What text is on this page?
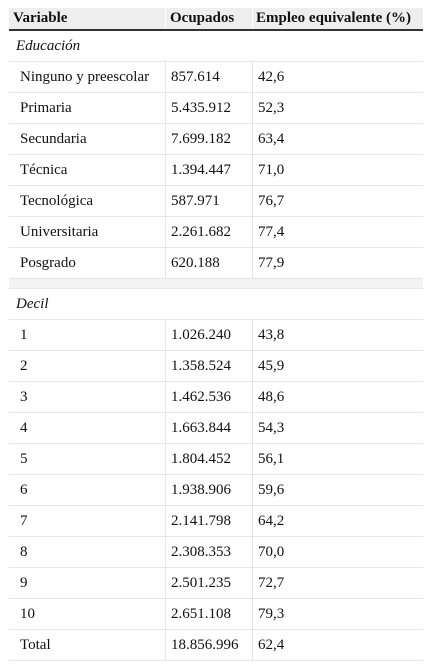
Variable	Ocupados	Empleo equivalente (%)
Educación
Ninguno y preescolar	857.614	42,6
Primaria	5.435.912	52,3
Secundaria	7.699.182	63,4
Técnica	1.394.447	71,0
Tecnológica	587.971	76,7
Universitaria	2.261.682	77,4
Posgrado	620.188	77,9
Decil
1	1.026.240	43,8
2	1.358.524	45,9
3	1.462.536	48,6
4	1.663.844	54,3
5	1.804.452	56,1
6	1.938.906	59,6
7	2.141.798	64,2
8	2.308.353	70,0
9	2.501.235	72,7
10	2.651.108	79,3
Total	18.856.996	62,4
